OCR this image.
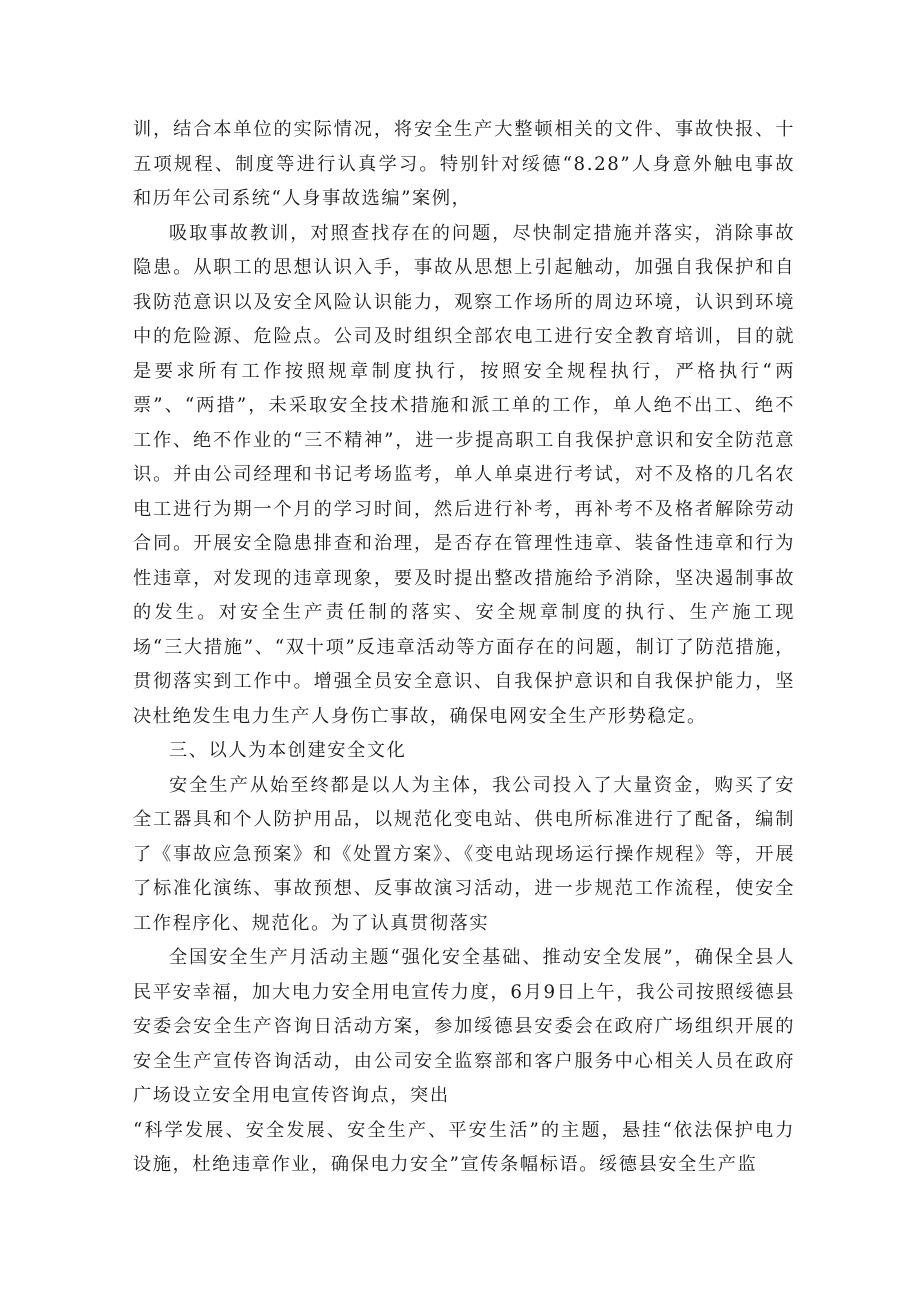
训，结合本单位的实际情况，将安全生产大整顿相关的文件、事故快报、十五项规程、制度等进行认真学习。特别针对绥德“8.28”人身意外触电事故和历年公司系统“人身事故选编”案例，

吸取事故教训，对照查找存在的问题，尽快制定措施并落实，消除事故隐患。从职工的思想认识入手，事故从思想上引起触动，加强自我保护和自我防范意识以及安全风险认识能力，观察工作场所的周边环境，认识到环境中的危险源、危险点。公司及时组织全部农电工进行安全教育培训，目的就是要求所有工作按照规章制度执行，按照安全规程执行，严格执行“两票”、“两措”，未采取安全技术措施和派工单的工作，单人绝不出工、绝不工作、绝不作业的“三不精神”，进一步提高职工自我保护意识和安全防范意识。并由公司经理和书记考场监考，单人单桌进行考试，对不及格的几名农电工进行为期一个月的学习时间，然后进行补考，再补考不及格者解除劳动合同。开展安全隐患排查和治理，是否存在管理性违章、装备性违章和行为性违章，对发现的违章现象，要及时提出整改措施给予消除，坚决遏制事故的发生。对安全生产责任制的落实、安全规章制度的执行、生产施工现场“三大措施”、“双十项”反违章活动等方面存在的问题，制订了防范措施，贯彻落实到工作中。增强全员安全意识、自我保护意识和自我保护能力，坚决杜绝发生电力生产人身伤亡事故，确保电网安全生产形势稳定。

三、以人为本创建安全文化

安全生产从始至终都是以人为主体，我公司投入了大量资金，购买了安全工器具和个人防护用品，以规范化变电站、供电所标准进行了配备，编制了《事故应急预案》和《处置方案》、《变电站现场运行操作规程》等，开展了标准化演练、事故预想、反事故演习活动，进一步规范工作流程，使安全工作程序化、规范化。为了认真贯彻落实

全国安全生产月活动主题“强化安全基础、推动安全发展”，确保全县人民平安幸福，加大电力安全用电宣传力度，6月9日上午，我公司按照绥德县安委会安全生产咨询日活动方案，参加绥德县安委会在政府广场组织开展的安全生产宣传咨询活动，由公司安全监察部和客户服务中心相关人员在政府广场设立安全用电宣传咨询点，突出

“科学发展、安全发展、安全生产、平安生活”的主题，悬挂“依法保护电力设施，杜绝违章作业，确保电力安全”宣传条幅标语。绥德县安全生产监
